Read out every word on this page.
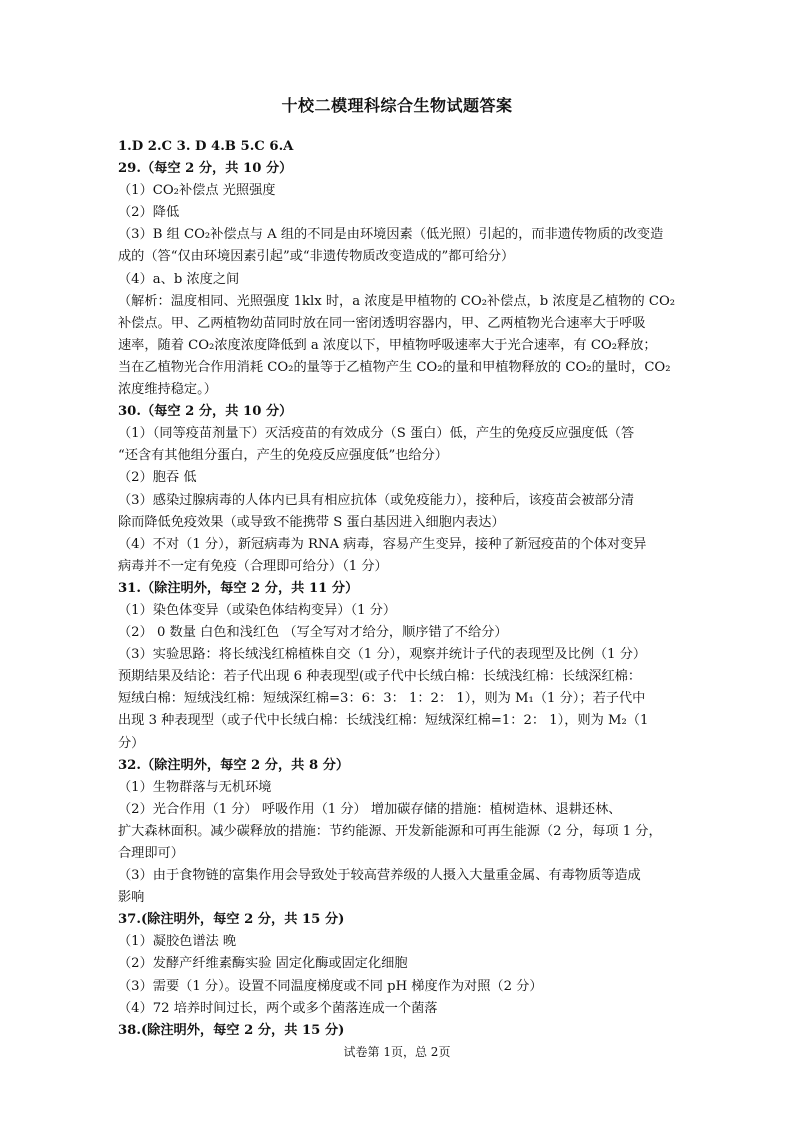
十校二模理科综合生物试题答案
1.D 2.C 3. D 4.B 5.C 6.A
29.（每空 2 分，共 10 分）
（1）CO₂补偿点 光照强度
（2）降低
（3）B 组 CO₂补偿点与 A 组的不同是由环境因素（低光照）引起的，而非遗传物质的改变造
成的（答“仅由环境因素引起”或“非遗传物质改变造成的”都可给分）
（4）a、b 浓度之间
（解析：温度相同、光照强度 1klx 时，a 浓度是甲植物的 CO₂补偿点，b 浓度是乙植物的 CO₂
补偿点。甲、乙两植物幼苗同时放在同一密闭透明容器内，甲、乙两植物光合速率大于呼吸
速率，随着 CO₂浓度浓度降低到 a 浓度以下，甲植物呼吸速率大于光合速率，有 CO₂释放；
当在乙植物光合作用消耗 CO₂的量等于乙植物产生 CO₂的量和甲植物释放的 CO₂的量时，CO₂
浓度维持稳定。）
30.（每空 2 分，共 10 分）
（1）（同等疫苗剂量下）灭活疫苗的有效成分（S 蛋白）低，产生的免疫反应强度低（答
“还含有其他组分蛋白，产生的免疫反应强度低”也给分）
（2）胞吞 低
（3）感染过腺病毒的人体内已具有相应抗体（或免疫能力），接种后，该疫苗会被部分清
除而降低免疫效果（或导致不能携带 S 蛋白基因进入细胞内表达）
（4）不对（1 分），新冠病毒为 RNA 病毒，容易产生变异，接种了新冠疫苗的个体对变异
病毒并不一定有免疫（合理即可给分）（1 分）
31.（除注明外，每空 2 分，共 11 分）
（1）染色体变异（或染色体结构变异）（1 分）
（2） 0 数量 白色和浅红色 （写全写对才给分，顺序错了不给分）
（3）实验思路：将长绒浅红棉植株自交（1 分），观察并统计子代的表现型及比例（1 分）
预期结果及结论：若子代出现 6 种表现型(或子代中长绒白棉：长绒浅红棉：长绒深红棉：
短绒白棉：短绒浅红棉：短绒深红棉=3：6：3： 1：2： 1），则为 M₁（1 分）；若子代中
出现 3 种表现型（或子代中长绒白棉：长绒浅红棉：短绒深红棉=1：2： 1），则为 M₂（1
分）
32.（除注明外，每空 2 分，共 8 分）
（1）生物群落与无机环境
（2）光合作用（1 分） 呼吸作用（1 分） 增加碳存储的措施：植树造林、退耕还林、
扩大森林面积。减少碳释放的措施：节约能源、开发新能源和可再生能源（2 分，每项 1 分，
合理即可）
（3）由于食物链的富集作用会导致处于较高营养级的人摄入大量重金属、有毒物质等造成
影响
37.(除注明外，每空 2 分，共 15 分)
（1）凝胶色谱法 晚
（2）发酵产纤维素酶实验 固定化酶或固定化细胞
（3）需要（1 分）。设置不同温度梯度或不同 pH 梯度作为对照（2 分）
（4）72 培养时间过长，两个或多个菌落连成一个菌落
38.(除注明外，每空 2 分，共 15 分)
试卷第 1页，总 2页
